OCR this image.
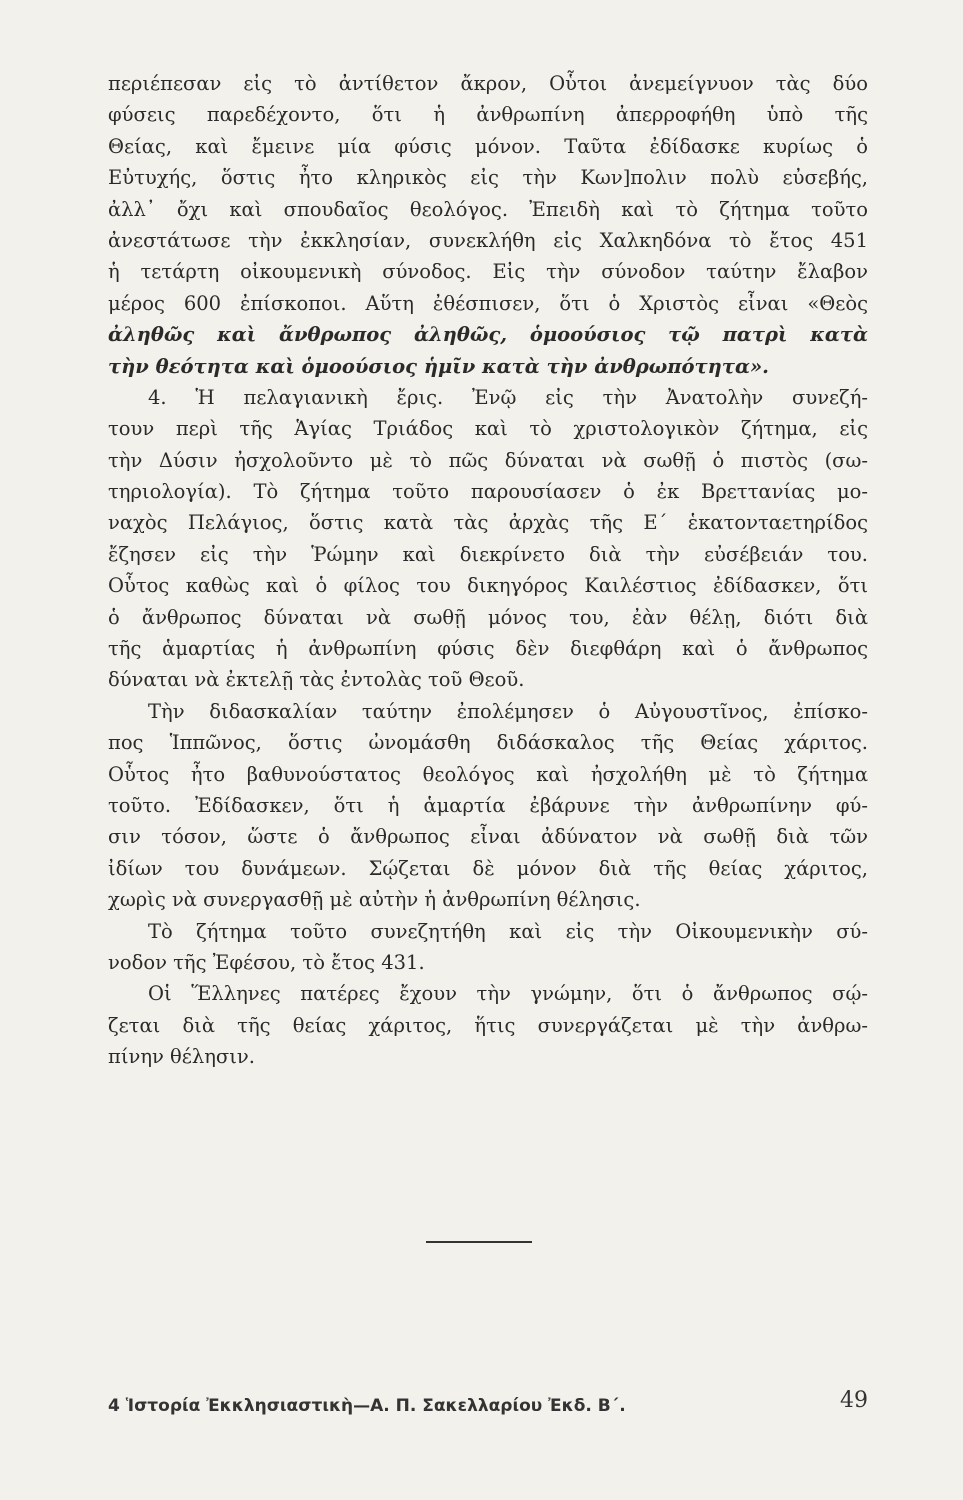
περιέπεσαν εἰς τὸ ἀντίθετον ἄκρον, Οὗτοι ἀνεμείγνυον τὰς δύο
φύσεις παρεδέχοντο, ὅτι ἡ ἀνθρωπίνη ἀπερροφήθη ὑπὸ τῆς
Θείας, καὶ ἔμεινε μία φύσις μόνον. Ταῦτα ἐδίδασκε κυρίως ὁ
Εὐτυχής, ὅστις ἦτο κληρικὸς εἰς τὴν Κων]πολιν πολὺ εὐσεβής,
ἀλλ᾽ ὄχι καὶ σπουδαῖος θεολόγος. Ἐπειδὴ καὶ τὸ ζήτημα τοῦτο
ἀνεστάτωσε τὴν ἐκκλησίαν, συνεκλήθη εἰς Χαλκηδόνα τὸ ἔτος 451
ἡ τετάρτη οἰκουμενικὴ σύνοδος. Εἰς τὴν σύνοδον ταύτην ἔλαβον
μέρος 600 ἐπίσκοποι. Αὕτη ἐθέσπισεν, ὅτι ὁ Χριστὸς εἶναι «Θεὸς
ἀληθῶς καὶ ἄνθρωπος ἀληθῶς, ὁμοούσιος τῷ πατρὶ κατὰ
τὴν θεότητα καὶ ὁμοούσιος ἡμῖν κατὰ τὴν ἀνθρωπότητα».
4. Ἡ πελαγιανικὴ ἔρις. Ἐνῷ εἰς τὴν Ἀνατολὴν συνεζή-
τουν περὶ τῆς Ἁγίας Τριάδος καὶ τὸ χριστολογικὸν ζήτημα, εἰς
τὴν Δύσιν ἠσχολοῦντο μὲ τὸ πῶς δύναται νὰ σωθῇ ὁ πιστὸς (σω-
τηριολογία). Τὸ ζήτημα τοῦτο παρουσίασεν ὁ ἐκ Βρεττανίας μο-
ναχὸς Πελάγιος, ὅστις κατὰ τὰς ἀρχὰς τῆς Ε´ ἑκατονταετηρίδος
ἔζησεν εἰς τὴν Ῥώμην καὶ διεκρίνετο διὰ τὴν εὐσέβειάν του.
Οὗτος καθὼς καὶ ὁ φίλος του δικηγόρος Καιλέστιος ἐδίδασκεν, ὅτι
ὁ ἄνθρωπος δύναται νὰ σωθῇ μόνος του, ἐὰν θέλῃ, διότι διὰ
τῆς ἁμαρτίας ἡ ἀνθρωπίνη φύσις δὲν διεφθάρη καὶ ὁ ἄνθρωπος
δύναται νὰ ἐκτελῇ τὰς ἐντολὰς τοῦ Θεοῦ.
Τὴν διδασκαλίαν ταύτην ἐπολέμησεν ὁ Αὐγουστῖνος, ἐπίσκο-
πος Ἱππῶνος, ὅστις ὠνομάσθη διδάσκαλος τῆς Θείας χάριτος.
Οὗτος ἦτο βαθυνούστατος θεολόγος καὶ ἠσχολήθη μὲ τὸ ζήτημα
τοῦτο. Ἐδίδασκεν, ὅτι ἡ ἁμαρτία ἐβάρυνε τὴν ἀνθρωπίνην φύ-
σιν τόσον, ὥστε ὁ ἄνθρωπος εἶναι ἀδύνατον νὰ σωθῇ διὰ τῶν
ἰδίων του δυνάμεων. Σῴζεται δὲ μόνον διὰ τῆς θείας χάριτος,
χωρὶς νὰ συνεργασθῇ μὲ αὐτὴν ἡ ἀνθρωπίνη θέλησις.
Τὸ ζήτημα τοῦτο συνεζητήθη καὶ εἰς τὴν Οἰκουμενικὴν σύ-
νοδον τῆς Ἐφέσου, τὸ ἔτος 431.
Οἱ Ἕλληνες πατέρες ἔχουν τὴν γνώμην, ὅτι ὁ ἄνθρωπος σῴ-
ζεται διὰ τῆς θείας χάριτος, ἥτις συνεργάζεται μὲ τὴν ἀνθρω-
πίνην θέλησιν.
4 Ἱστορία Ἐκκλησιαστικὴ—Α. Π. Σακελλαρίου Ἐκδ. Β´.	49
